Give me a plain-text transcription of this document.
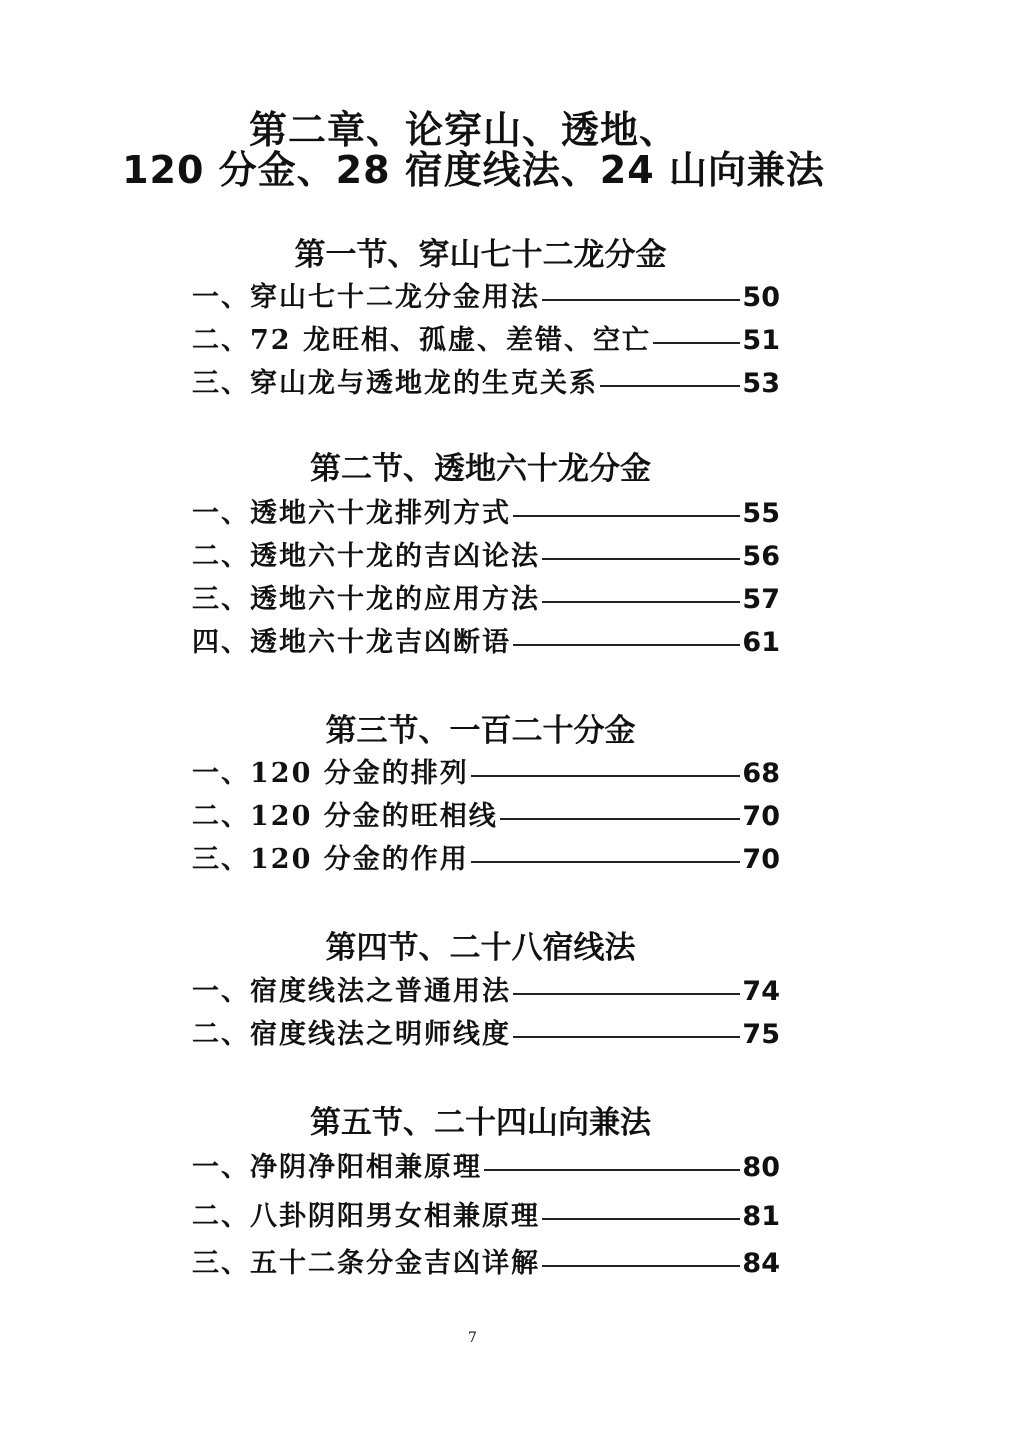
第二章、论穿山、透地、
120 分金、28 宿度线法、24 山向兼法
第一节、穿山七十二龙分金
一、穿山七十二龙分金用法	50
二、72 龙旺相、孤虚、差错、空亡	51
三、穿山龙与透地龙的生克关系	53
第二节、透地六十龙分金
一、透地六十龙排列方式	55
二、透地六十龙的吉凶论法	56
三、透地六十龙的应用方法	57
四、透地六十龙吉凶断语	61
第三节、一百二十分金
一、120 分金的排列	68
二、120 分金的旺相线	70
三、120 分金的作用	70
第四节、二十八宿线法
一、宿度线法之普通用法	74
二、宿度线法之明师线度	75
第五节、二十四山向兼法
一、净阴净阳相兼原理	80
二、八卦阴阳男女相兼原理	81
三、五十二条分金吉凶详解	84
7
